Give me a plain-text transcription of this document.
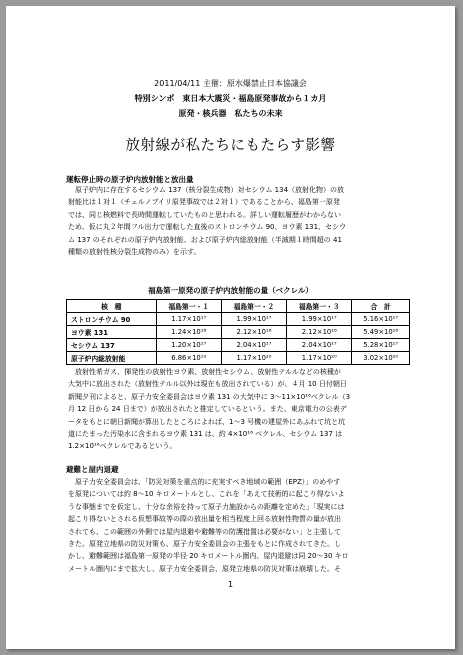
2011/04/11 主催：原水爆禁止日本協議会
特別シンポ　東日本大震災・福島原発事故から１カ月
原発・核兵器　私たちの未来
放射線が私たちにもたらす影響
運転停止時の原子炉内放射能と放出量

　原子炉内に存在するセシウム 137（核分裂生成物）対セシウム 134（放射化物）の放

射能比は１対１（チェルノブイリ原発事故では２対１）であることから、福島第一原発

では、同じ核燃料で長時間運転していたものと思われる。詳しい運転履歴がわからない

ため、仮に丸２年間フル出力で運転した直後のストロンチウム 90、ヨウ素 131、セシウ

ム 137 のそれぞれの原子炉内放射能、および原子炉内総放射能（半減期１時間超の 41

種類の放射性核分裂生成物のみ）を示す。

福島第一原発の原子炉内放射能の量（ベクレル）
核　種	福島第一・１	福島第一・２	福島第一・３	合　計
ストロンチウム 90	1.17×10¹⁷	1.99×10¹⁷	1.99×10¹⁷	5.16×10¹⁷
ヨウ素 131	1.24×10¹⁸	2.12×10¹⁸	2.12×10¹⁸	5.49×10¹⁸
セシウム 137	1.20×10¹⁷	2.04×10¹⁷	2.04×10¹⁷	5.28×10¹⁷
原子炉内総放射能	6.86×10¹⁹	1.17×10²⁰	1.17×10²⁰	3.02×10²⁰

　放射性希ガス、揮発性の放射性ヨウ素、放射性セシウム、放射性テルルなどの核種が

大気中に放出された（放射性テルル以外は現在も放出されている）が、４月 10 日付朝日

新聞夕刊によると、原子力安全委員会はヨウ素 131 の大気中に 3～11×10¹⁶ベクレル（3

月 12 日から 24 日まで）が放出されたと推定しているという。また、東京電力の公表デ

ータをもとに朝日新聞が算出したところによれば、1～3 号機の建屋外にあふれて坑と坑

道にたまった汚染水に含まれるヨウ素 131 は、約 4×10¹⁶ ベクレル、セシウム 137 は

1.2×10¹⁶ベクレルであるという。

避難と屋内退避

　原子力安全委員会は、「防災対策を重点的に充実すべき地域の範囲（EPZ）」のめやす

を原発については約 8～10 キロメートルとし、これを「あえて技術的に起こり得ないよ

うな事態までを仮定し、十分な余裕を持って原子力施設からの距離を定めた」「現実には

起こり得ないとされる仮想事故等の際の放出量を相当程度上回る放射性物質の量が放出

されても、この範囲の外側では屋内退避や避難等の防護措置は必要がない」と主張して

きた。原発立地県の防災対策も、原子力安全委員会の主張をもとに作成されてきた。し

かし、避難範囲は福島第一原発の半径 20 キロメートル圏内、屋内退避は同 20～30 キロ

メートル圏内にまで拡大し、原子力安全委員会、原発立地県の防災対策は崩壊した。そ

1
